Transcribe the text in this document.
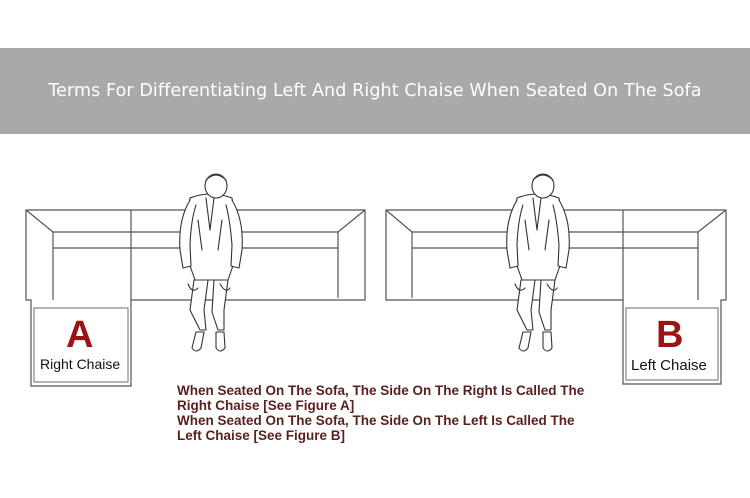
Terms For Differentiating Left And Right Chaise When Seated On The Sofa
A
Right Chaise
B
Left Chaise

When Seated On The Sofa, The Side On The Right Is Called The Right Chaise [See Figure A]

When Seated On The Sofa, The Side On The Left Is Called The Left Chaise [See Figure B]
